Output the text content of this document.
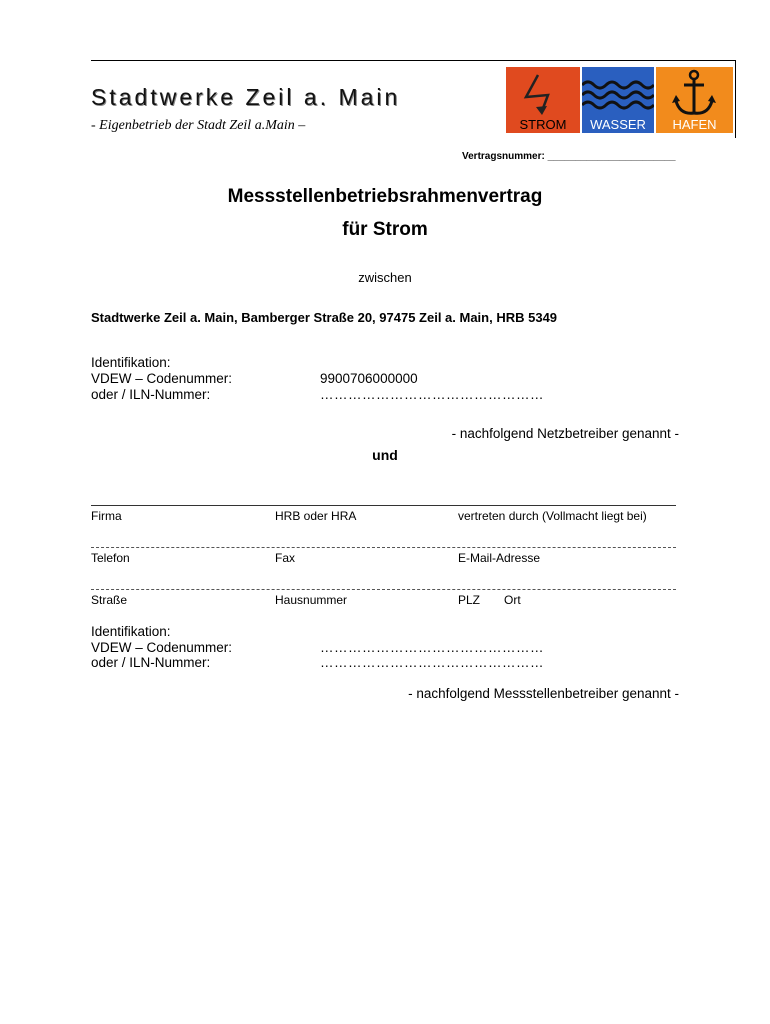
Stadtwerke Zeil a. Main
- Eigenbetrieb der Stadt Zeil a.Main –	STROM	WASSER	HAFEN
Vertragsnummer: _______________________
Messstellenbetriebsrahmenvertrag
für Strom
zwischen
Stadtwerke Zeil a. Main, Bamberger Straße 20, 97475 Zeil a. Main, HRB 5349
Identifikation:
VDEW – Codenummer:	9900706000000
oder / ILN-Nummer:	…………………………………………
- nachfolgend Netzbetreiber genannt -
und
Firma	HRB oder HRA	vertreten durch (Vollmacht liegt bei)
Telefon	Fax	E-Mail-Adresse
Straße	Hausnummer	PLZ Ort
Identifikation:
VDEW – Codenummer:	…………………………………………
oder / ILN-Nummer:	…………………………………………
- nachfolgend Messstellenbetreiber genannt -
